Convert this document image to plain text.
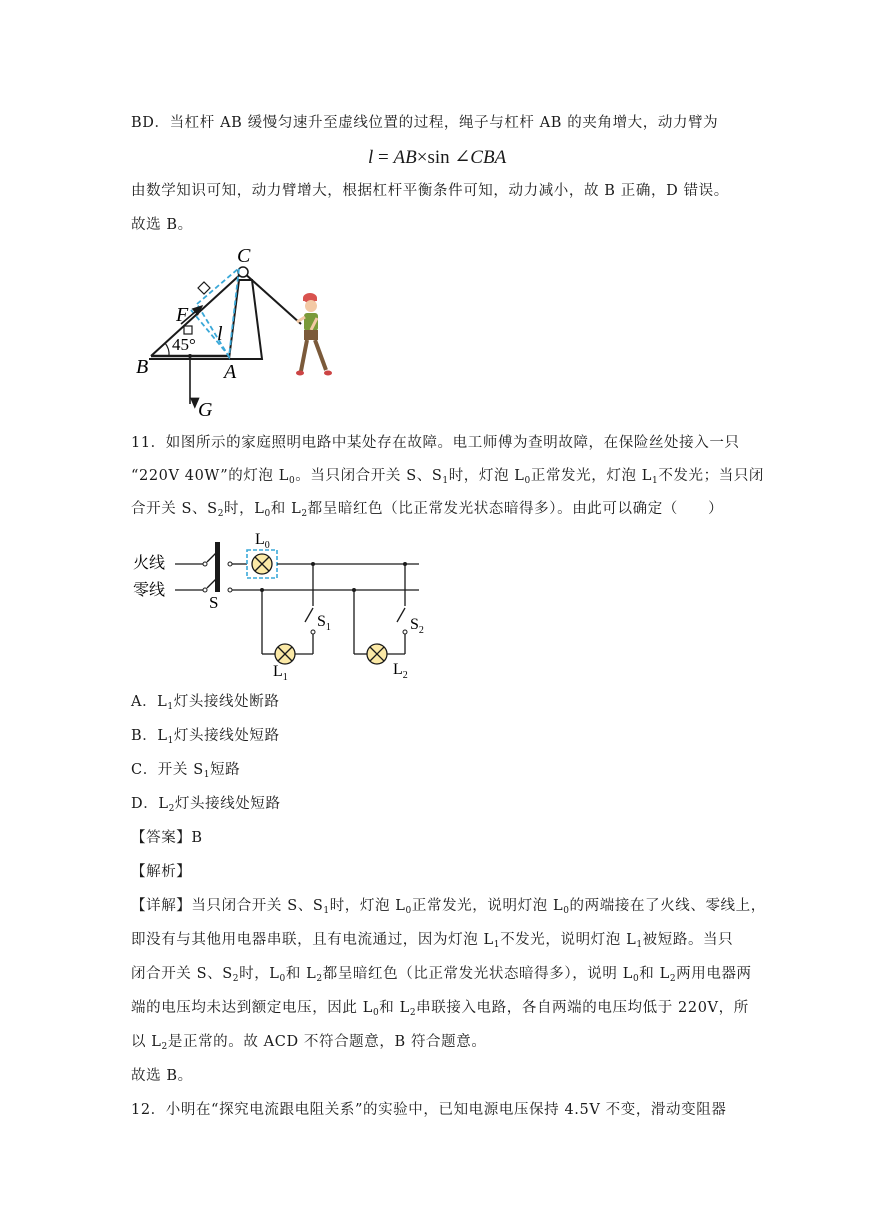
BD．当杠杆 AB 缓慢匀速升至虚线位置的过程，绳子与杠杆 AB 的夹角增大，动力臂为
l = AB×sin ∠CBA
由数学知识可知，动力臂增大，根据杠杆平衡条件可知，动力减小，故 B 正确，D 错误。
故选 B。
C
F
l
45°
B	A
G
11．如图所示的家庭照明电路中某处存在故障。电工师傅为查明故障，在保险丝处接入一只
“220V 40W”的灯泡 $L_0$。当只闭合开关 S、$S_1$时，灯泡 $L_0$正常发光，灯泡 $L_1$不发光；当只闭
合开关 S、$S_2$时，$L_0$和 $L_2$都呈暗红色（比正常发光状态暗得多）。由此可以确定（　　）
火线
零线
S
$L_0$
$S_1$
$L_1$
$S_2$
$L_2$
A．$L_1$灯头接线处断路
B．$L_1$灯头接线处短路
C．开关 $S_1$短路
D．$L_2$灯头接线处短路
【答案】B
【解析】
【详解】当只闭合开关 S、$S_1$时，灯泡 $L_0$正常发光，说明灯泡 $L_0$的两端接在了火线、零线上，
即没有与其他用电器串联，且有电流通过，因为灯泡 $L_1$不发光，说明灯泡 $L_1$被短路。当只
闭合开关 S、$S_2$时，$L_0$和 $L_2$都呈暗红色（比正常发光状态暗得多），说明 $L_0$和 $L_2$两用电器两
端的电压均未达到额定电压，因此 $L_0$和 $L_2$串联接入电路，各自两端的电压均低于 220V，所
以 $L_2$是正常的。故 ACD 不符合题意，B 符合题意。
故选 B。
12．小明在“探究电流跟电阻关系”的实验中，已知电源电压保持 4.5V 不变，滑动变阻器
